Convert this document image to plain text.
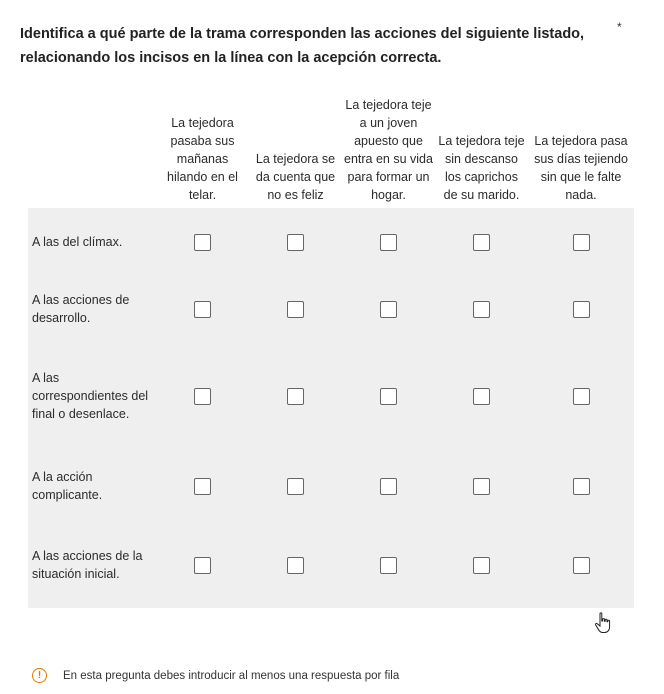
Identifica a qué parte de la trama corresponden las acciones del siguiente listado, relacionando los incisos en la línea con la acepción correcta.
*
	La tejedora pasaba sus mañanas hilando en el telar.	La tejedora se da cuenta que no es feliz	La tejedora teje a un joven apuesto que entra en su vida para formar un hogar.	La tejedora teje sin descanso los caprichos de su marido.	La tejedora pasa sus días tejiendo sin que le falte nada.
A las del clímax.					
A las acciones de desarrollo.					
A las correspondientes del final o desenlace.					
A la acción complicante.					
A las acciones de la situación inicial.					
!	En esta pregunta debes introducir al menos una respuesta por fila
